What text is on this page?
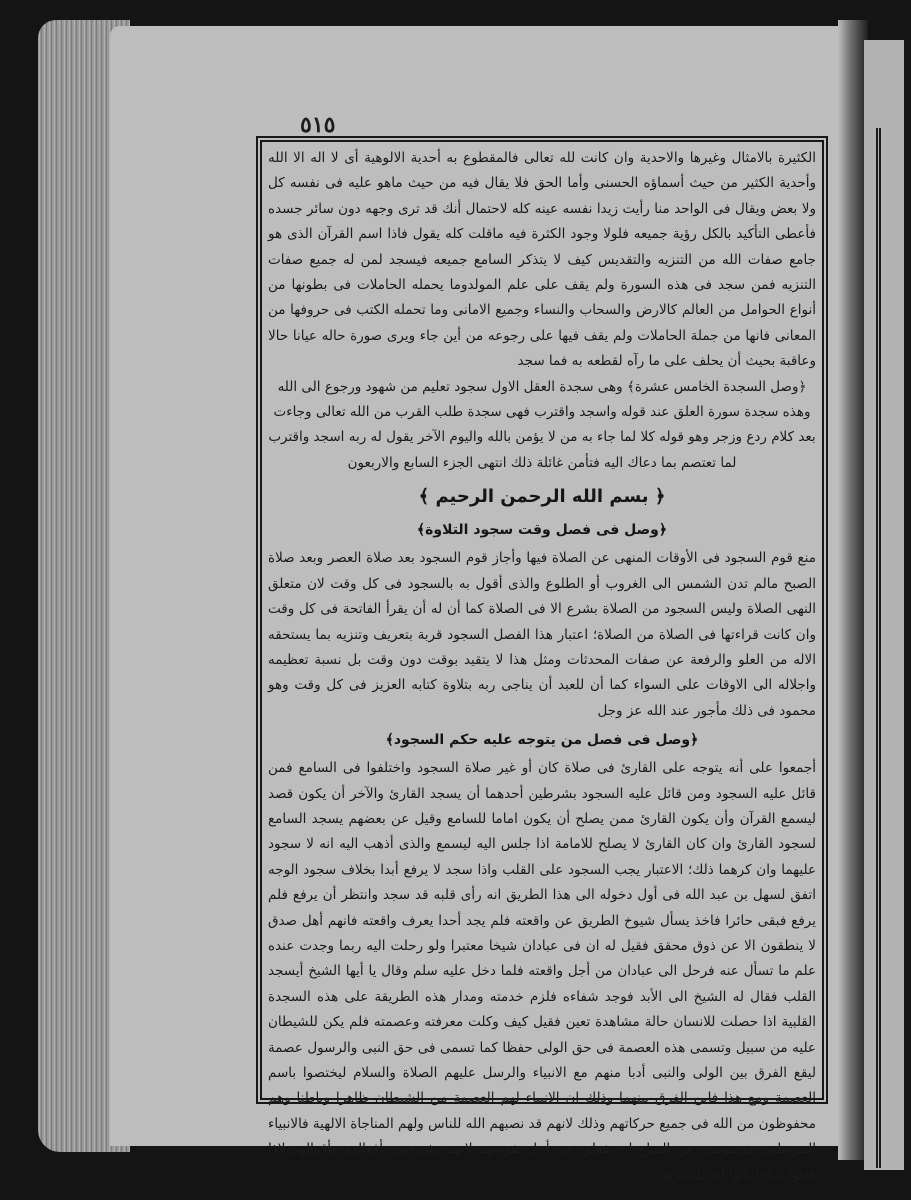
٥١٥

الكثيرة بالامثال وغيرها والاحدية وان كانت لله تعالى فالمقطوع به أحدية الالوهية أى لا اله الا الله وأحدية الكثير من حيث أسماؤه الحسنى وأما الحق فلا يقال فيه من حيث ماهو عليه فى نفسه كل ولا بعض ويقال فى الواحد منا رأيت زيدا نفسه عينه كله لاحتمال أنك قد ترى وجهه دون سائر جسده فأعطى التأكيد بالكل رؤية جميعه فلولا وجود الكثرة فيه ماقلت كله يقول فاذا اسم القرآن الذى هو جامع صفات الله من التنزيه والتقديس كيف لا يتذكر السامع جميعه فيسجد لمن له جميع صفات التنزيه فمن سجد فى هذه السورة ولم يقف على علم المولدوما يحمله الحاملات فى بطونها من أنواع الحوامل من العالم كالارض والسحاب والنساء وجميع الامانى وما تحمله الكتب فى حروفها من المعانى فانها من جملة الحاملات ولم يقف فيها على رجوعه من أين جاء ويرى صورة حاله عيانا حالا وعاقبة بحيث أن يحلف على ما رآه لقطعه به فما سجد

﴿وصل السجدة الخامس عشرة﴾ وهى سجدة العقل الاول سجود تعليم من شهود ورجوع الى الله وهذه سجدة سورة العلق عند قوله واسجد واقترب فهى سجدة طلب القرب من الله تعالى وجاءت بعد كلام ردع وزجر وهو قوله كلا لما جاء به من لا يؤمن بالله واليوم الآخر يقول له ربه اسجد واقترب لما تعتصم بما دعاك اليه فتأمن غائلة ذلك انتهى الجزء السابع والاربعون

﴿ بسم الله الرحمن الرحيم ﴾
﴿وصل فى فصل وقت سجود التلاوة﴾

منع قوم السجود فى الأوقات المنهى عن الصلاة فيها وأجاز قوم السجود بعد صلاة العصر وبعد صلاة الصبح مالم تدن الشمس الى الغروب أو الطلوع والذى أقول به بالسجود فى كل وقت لان متعلق النهى الصلاة وليس السجود من الصلاة بشرع الا فى الصلاة كما أن له أن يقرأ الفاتحة فى كل وقت وان كانت قراءتها فى الصلاة من الصلاة؛ اعتبار هذا الفصل السجود قربة بتعريف وتنزيه بما يستحقه الاله من العلو والرفعة عن صفات المحدثات ومثل هذا لا يتقيد بوقت دون وقت بل نسبة تعظيمه واجلاله الى الاوقات على السواء كما أن للعبد أن يناجى ربه بتلاوة كتابه العزيز فى كل وقت وهو محمود فى ذلك مأجور عند الله عز وجل

﴿وصل فى فصل من يتوجه عليه حكم السجود﴾

أجمعوا على أنه يتوجه على القارئ فى صلاة كان أو غير صلاة السجود واختلفوا فى السامع فمن قائل عليه السجود ومن قائل عليه السجود بشرطين أحدهما أن يسجد القارئ والآخر أن يكون قصد ليسمع القرآن وأن يكون القارئ ممن يصلح أن يكون اماما للسامع وقيل عن بعضهم يسجد السامع لسجود القارئ وان كان القارئ لا يصلح للامامة اذا جلس اليه ليسمع والذى أذهب اليه انه لا سجود عليهما وان كرهما ذلك؛ الاعتبار يجب السجود على القلب واذا سجد لا يرفع أبدا بخلاف سجود الوجه اتفق لسهل بن عبد الله فى أول دخوله الى هذا الطريق انه رأى قلبه قد سجد وانتظر أن يرفع فلم يرفع فبقى حائرا فاخذ يسأل شيوخ الطريق عن واقعته فلم يجد أحدا يعرف واقعته فانهم أهل صدق لا ينطقون الا عن ذوق محقق فقيل له ان فى عبادان شيخا معتبرا ولو رحلت اليه ربما وجدت عنده علم ما تسأل عنه فرحل الى عبادان من أجل واقعته فلما دخل عليه سلم وقال يا أيها الشيخ أيسجد القلب فقال له الشيخ الى الأبد فوجد شفاءه فلزم خدمته ومدار هذه الطريقة على هذه السجدة القلبية اذا حصلت للانسان حالة مشاهدة تعين فقيل كيف وكلت معرفته وعصمته فلم يكن للشيطان عليه من سبيل وتسمى هذه العصمة فى حق الولى حفظا كما تسمى فى حق النبى والرسول عصمة ليقع الفرق بين الولى والنبى أدبا منهم مع الانبياء والرسل عليهم الصلاة والسلام ليختصوا باسم العصمة ومع هذا فاين الفرق بينهما وذلك ان الانبياء لهم العصمة من الشيطان ظاهرا وباطنا وهم محفوظون من الله فى جميع حركاتهم وذلك لانهم قد نصبهم الله للناس ولهم المناجاة الالهية فالانبياء المرسلون معصومون من المباح ان يفعلوه من أجل نفوسهم لانهم يشرعون بأفعالهم وأقوالهم لاذا فعلوا مباحا بانوا انه للتشريع
